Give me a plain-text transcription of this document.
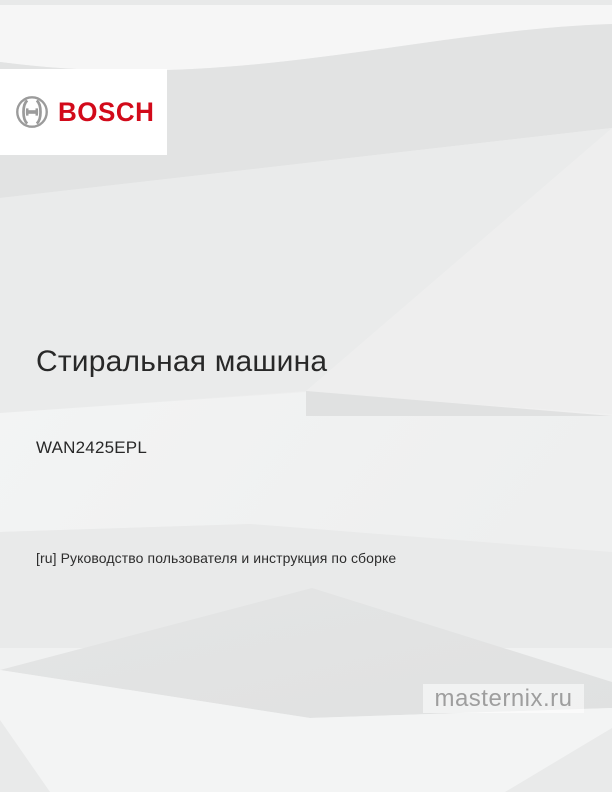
BOSCH
Стиральная машина
WAN2425EPL
[ru] Руководство пользователя и инструкция по сборке
masternix.ru
